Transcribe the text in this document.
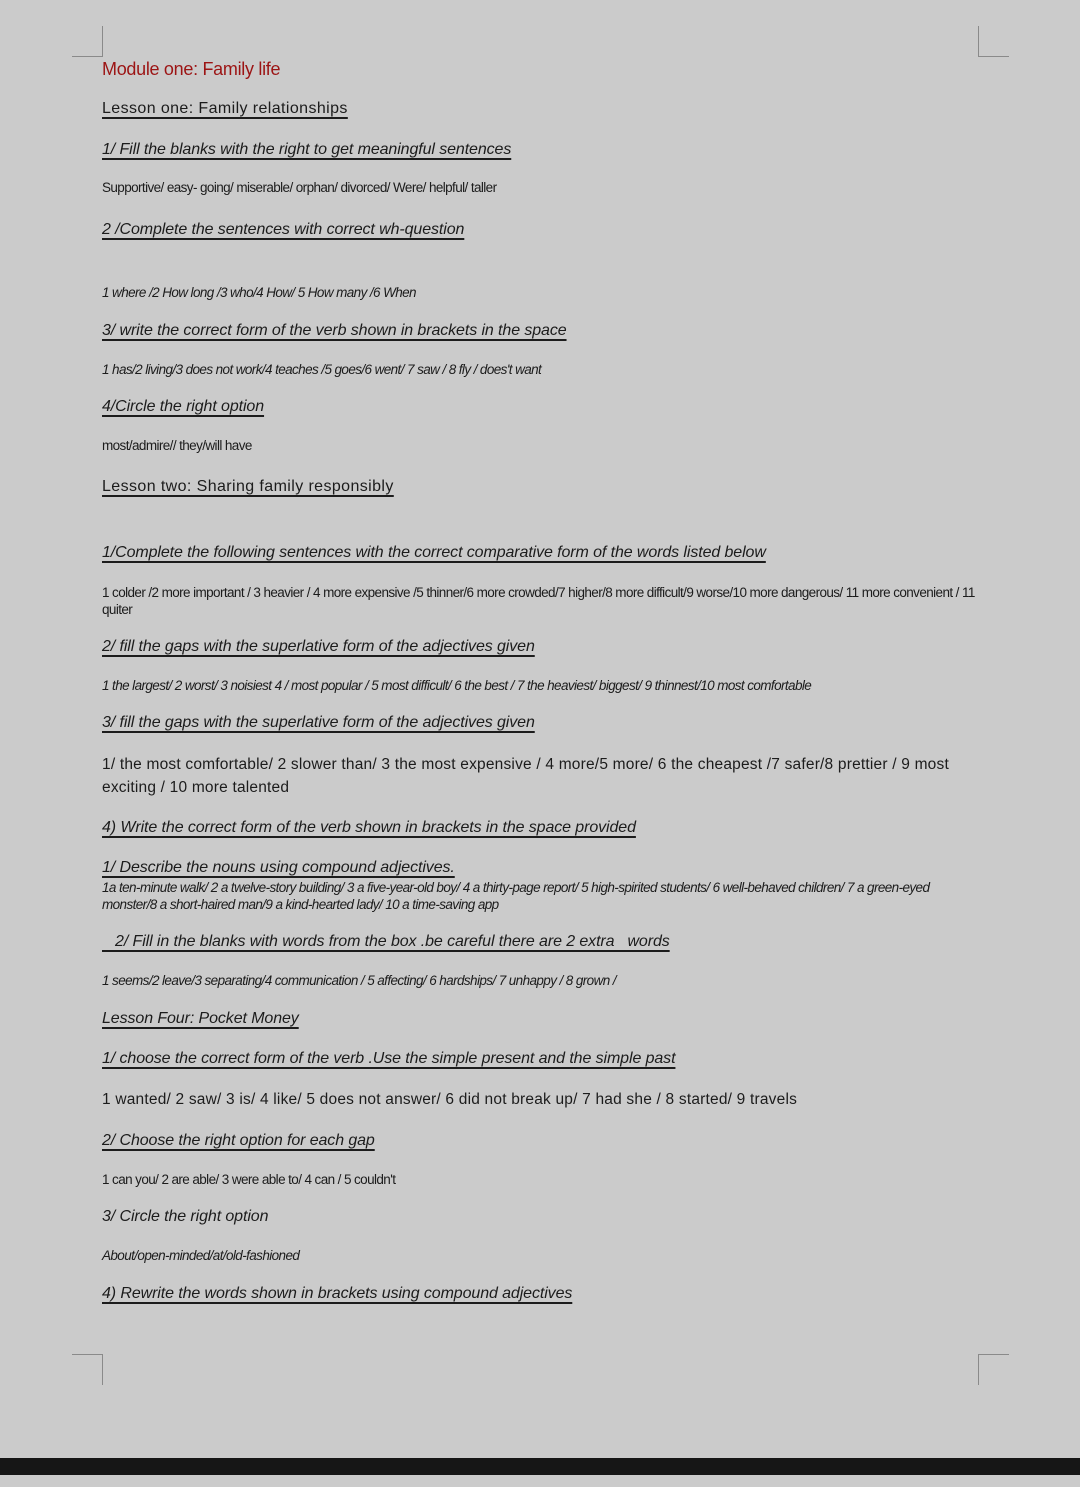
Module one: Family life

Lesson one: Family relationships

1/ Fill the blanks with the right to get meaningful sentences

Supportive/ easy- going/ miserable/ orphan/ divorced/ Were/ helpful/ taller

2 /Complete the sentences with correct wh-question

1 where /2 How long /3 who/4 How/ 5 How many /6 When

3/ write the correct form of the verb shown in brackets in the space

1 has/2 living/3 does not work/4 teaches /5 goes/6 went/ 7 saw / 8 fly / does't want

4/Circle the right option

most/admire// they/will have

Lesson two: Sharing family responsibly

1/Complete the following sentences with the correct comparative form of the words listed below

1 colder /2 more important / 3 heavier / 4 more expensive /5 thinner/6 more crowded/7 higher/8 more difficult/9 worse/10 more dangerous/ 11 more convenient / 11 quiter

2/ fill the gaps with the superlative form of the adjectives given

1 the largest/ 2 worst/ 3 noisiest 4 / most popular / 5 most difficult/ 6 the best / 7 the heaviest/ biggest/ 9 thinnest/10 most comfortable

3/ fill the gaps with the superlative form of the adjectives given

1/ the most comfortable/ 2 slower than/ 3 the most expensive / 4 more/5 more/ 6 the cheapest /7 safer/8 prettier / 9 most exciting / 10 more talented

4) Write the correct form of the verb shown in brackets in the space provided

1/ Describe the nouns using compound adjectives.

1a ten-minute walk/ 2 a twelve-story building/ 3 a five-year-old boy/ 4 a thirty-page report/ 5 high-spirited students/ 6 well-behaved children/ 7 a green-eyed monster/8 a short-haired man/9 a kind-hearted lady/ 10 a time-saving app

2/ Fill in the blanks with words from the box .be careful there are 2 extra   words

1 seems/2 leave/3 separating/4 communication / 5 affecting/ 6 hardships/ 7 unhappy / 8 grown /

Lesson Four: Pocket Money

1/ choose the correct form of the verb .Use the simple present and the simple past

1 wanted/ 2 saw/ 3 is/ 4 like/ 5 does not answer/ 6 did not break up/ 7 had she / 8 started/ 9 travels

2/ Choose the right option for each gap

1 can you/ 2 are able/ 3 were able to/ 4 can / 5 couldn't

3/ Circle the right option

About/open-minded/at/old-fashioned

4) Rewrite the words shown in brackets using compound adjectives
